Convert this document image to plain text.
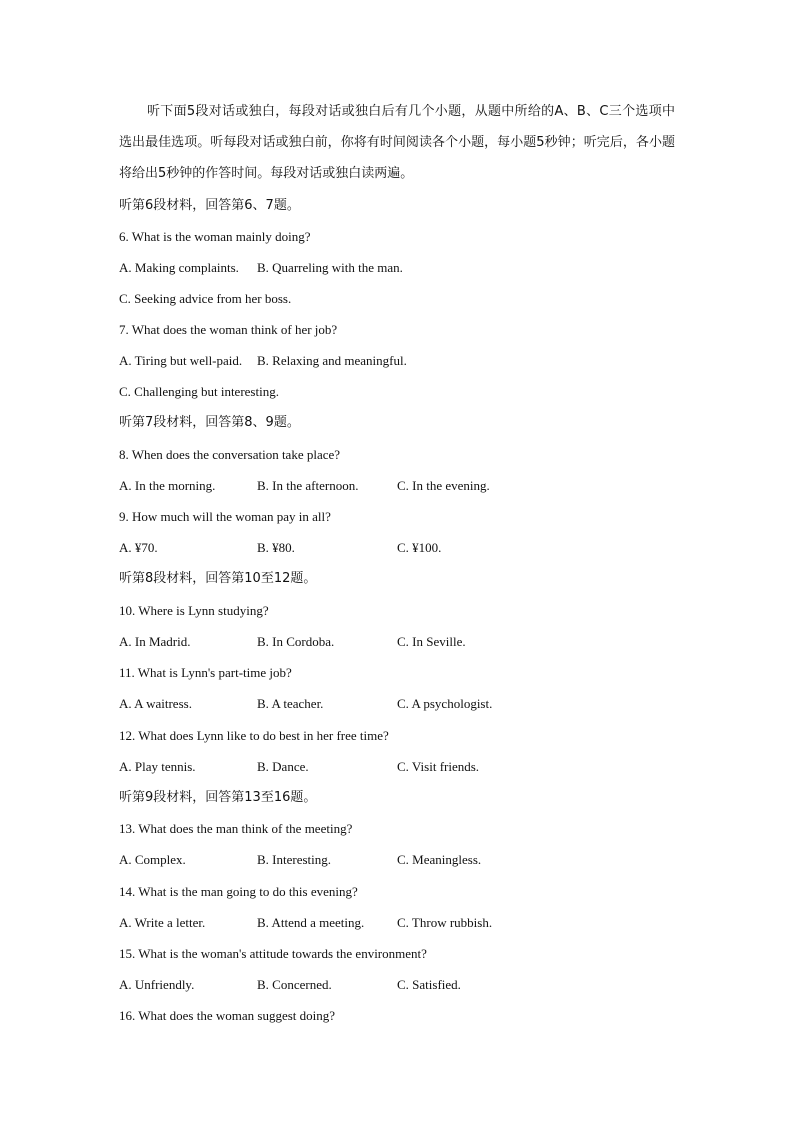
听下面5段对话或独白，每段对话或独白后有几个小题，从题中所给的A、B、C三个选项中选出最佳选项。听每段对话或独白前，你将有时间阅读各个小题，每小题5秒钟；听完后，各小题将给出5秒钟的作答时间。每段对话或独白读两遍。

听第6段材料，回答第6、7题。
6. What is the woman mainly doing?
A. Making complaints. B. Quarreling with the man.
C. Seeking advice from her boss.
7. What does the woman think of her job?
A. Tiring but well-paid. B. Relaxing and meaningful.
C. Challenging but interesting.
听第7段材料，回答第8、9题。
8. When does the conversation take place?
A. In the morning.	B. In the afternoon.	C. In the evening.
9. How much will the woman pay in all?
A. ¥70.	B. ¥80.	C. ¥100.
听第8段材料，回答第10至12题。
10. Where is Lynn studying?
A. In Madrid.	B. In Cordoba.	C. In Seville.
11. What is Lynn's part-time job?
A. A waitress.	B. A teacher.	C. A psychologist.
12. What does Lynn like to do best in her free time?
A. Play tennis.	B. Dance.	C. Visit friends.
听第9段材料，回答第13至16题。
13. What does the man think of the meeting?
A. Complex.	B. Interesting.	C. Meaningless.
14. What is the man going to do this evening?
A. Write a letter.	B. Attend a meeting.	C. Throw rubbish.
15. What is the woman's attitude towards the environment?
A. Unfriendly.	B. Concerned.	C. Satisfied.
16. What does the woman suggest doing?
